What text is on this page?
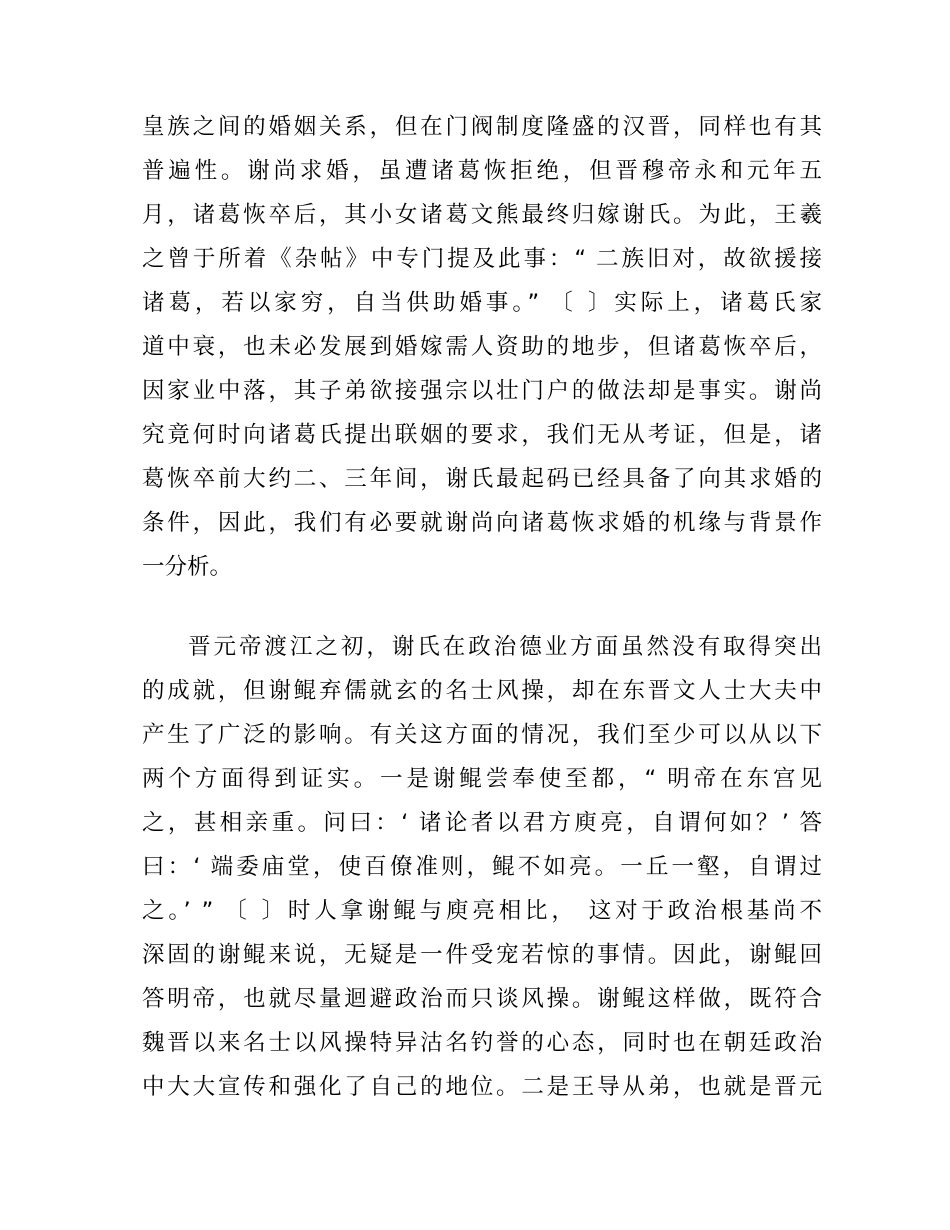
皇族之间的婚姻关系，但在门阀制度隆盛的汉晋，同样也有其
普遍性。谢尚求婚，虽遭诸葛恢拒绝，但晋穆帝永和元年五
月，诸葛恢卒后，其小女诸葛文熊最终归嫁谢氏。为此，王羲
之曾于所着《杂帖》中专门提及此事：“ 二族旧对，故欲援接
诸葛，若以家穷，自当供助婚事。” 〔 〕实际上，诸葛氏家
道中衰，也未必发展到婚嫁需人资助的地步，但诸葛恢卒后，
因家业中落，其子弟欲接强宗以壮门户的做法却是事实。谢尚
究竟何时向诸葛氏提出联姻的要求，我们无从考证，但是，诸
葛恢卒前大约二、三年间，谢氏最起码已经具备了向其求婚的
条件，因此，我们有必要就谢尚向诸葛恢求婚的机缘与背景作
一分析。
晋元帝渡江之初，谢氏在政治德业方面虽然没有取得突出
的成就，但谢鲲弃儒就玄的名士风操，却在东晋文人士大夫中
产生了广泛的影响。有关这方面的情况，我们至少可以从以下
两个方面得到证实。一是谢鲲尝奉使至都，“ 明帝在东宫见
之，甚相亲重。问曰：‘ 诸论者以君方庾亮，自谓何如？’ 答
曰：‘ 端委庙堂，使百僚准则，鲲不如亮。一丘一壑，自谓过
之。’ ” 〔 〕时人拿谢鲲与庾亮相比， 这对于政治根基尚不
深固的谢鲲来说，无疑是一件受宠若惊的事情。因此，谢鲲回
答明帝，也就尽量迴避政治而只谈风操。谢鲲这样做，既符合
魏晋以来名士以风操特异沽名钓誉的心态，同时也在朝廷政治
中大大宣传和强化了自己的地位。二是王导从弟，也就是晋元
